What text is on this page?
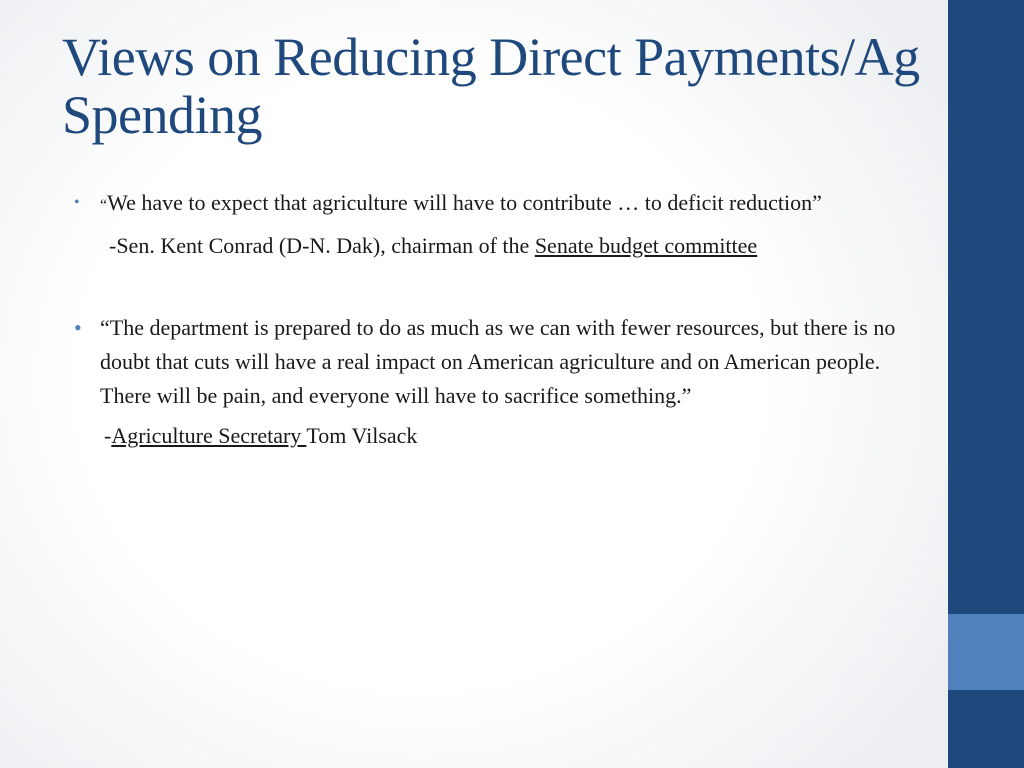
Views on Reducing Direct Payments/Ag Spending
• “We have to expect that agriculture will have to contribute … to deficit reduction”
-Sen. Kent Conrad (D-N. Dak), chairman of the Senate budget committee
• “The department is prepared to do as much as we can with fewer resources, but there is no doubt that cuts will have a real impact on American agriculture and on American people. There will be pain, and everyone will have to sacrifice something.”
-Agriculture Secretary Tom Vilsack
